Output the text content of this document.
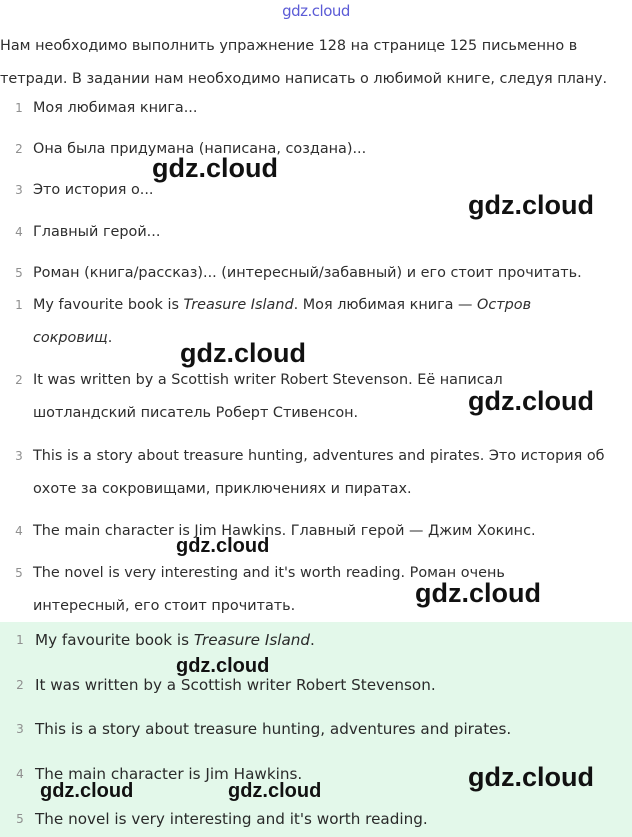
gdz.cloud
Нам необходимо выполнить упражнение 128 на странице 125 письменно в тетради. В задании нам необходимо написать о любимой книге, следуя плану.
1 Моя любимая книга...
2 Она была придумана (написана, создана)...
3 Это история о...
4 Главный герой...
5 Роман (книга/рассказ)... (интересный/забавный) и его стоит прочитать.
1 My favourite book is Treasure Island. Моя любимая книга — Остров сокровищ.
2 It was written by a Scottish writer Robert Stevenson. Её написал шотландский писатель Роберт Стивенсон.
3 This is a story about treasure hunting, adventures and pirates. Это история об охоте за сокровищами, приключениях и пиратах.
4 The main character is Jim Hawkins. Главный герой — Джим Хокинс.
5 The novel is very interesting and it's worth reading. Роман очень интересный, его стоит прочитать.
1 My favourite book is Treasure Island.
2 It was written by a Scottish writer Robert Stevenson.
3 This is a story about treasure hunting, adventures and pirates.
4 The main character is Jim Hawkins.
5 The novel is very interesting and it's worth reading.
gdz.cloud
gdz.cloud
gdz.cloud
gdz.cloud
gdz.cloud
gdz.cloud
gdz.cloud
gdz.cloud
gdz.cloud	gdz.cloud
